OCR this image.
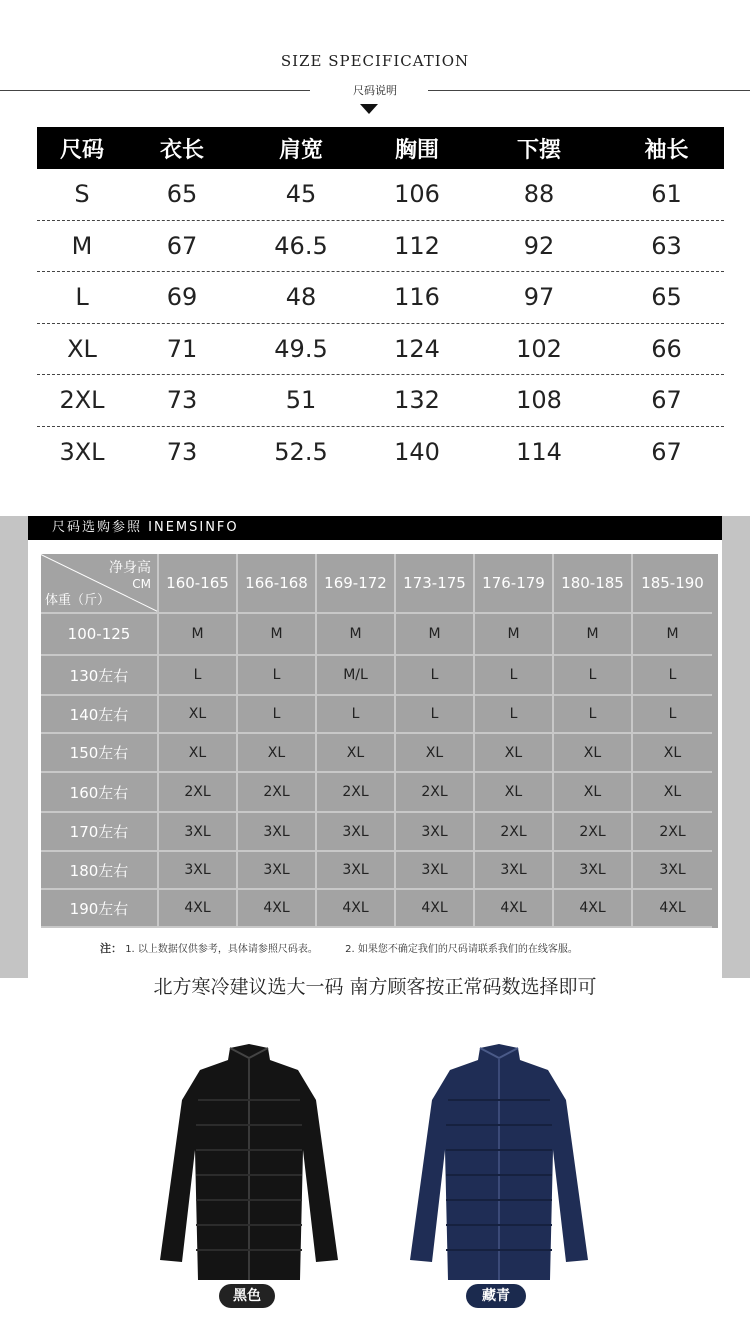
SIZE SPECIFICATION
尺码说明
尺码	衣长	肩宽	胸围	下摆	袖长
S	65	45	106	88	61
M	67	46.5	112	92	63
L	69	48	116	97	65
XL	71	49.5	124	102	66
2XL	73	51	132	108	67
3XL	73	52.5	140	114	67
尺码选购参照 INEMSINFO
净身高
CM
体重（斤）
160-165	166-168	169-172	173-175	176-179	180-185	185-190
100-125	M	M	M	M	M	M	M
130左右	L	L	M/L	L	L	L	L
140左右	XL	L	L	L	L	L	L
150左右	XL	XL	XL	XL	XL	XL	XL
160左右	2XL	2XL	2XL	2XL	XL	XL	XL
170左右	3XL	3XL	3XL	3XL	2XL	2XL	2XL
180左右	3XL	3XL	3XL	3XL	3XL	3XL	3XL
190左右	4XL	4XL	4XL	4XL	4XL	4XL	4XL
注： 1. 以上数据仅供参考，具体请参照尺码表。	2. 如果您不确定我们的尺码请联系我们的在线客服。
北方寒冷建议选大一码 南方顾客按正常码数选择即可
黑色	藏青
